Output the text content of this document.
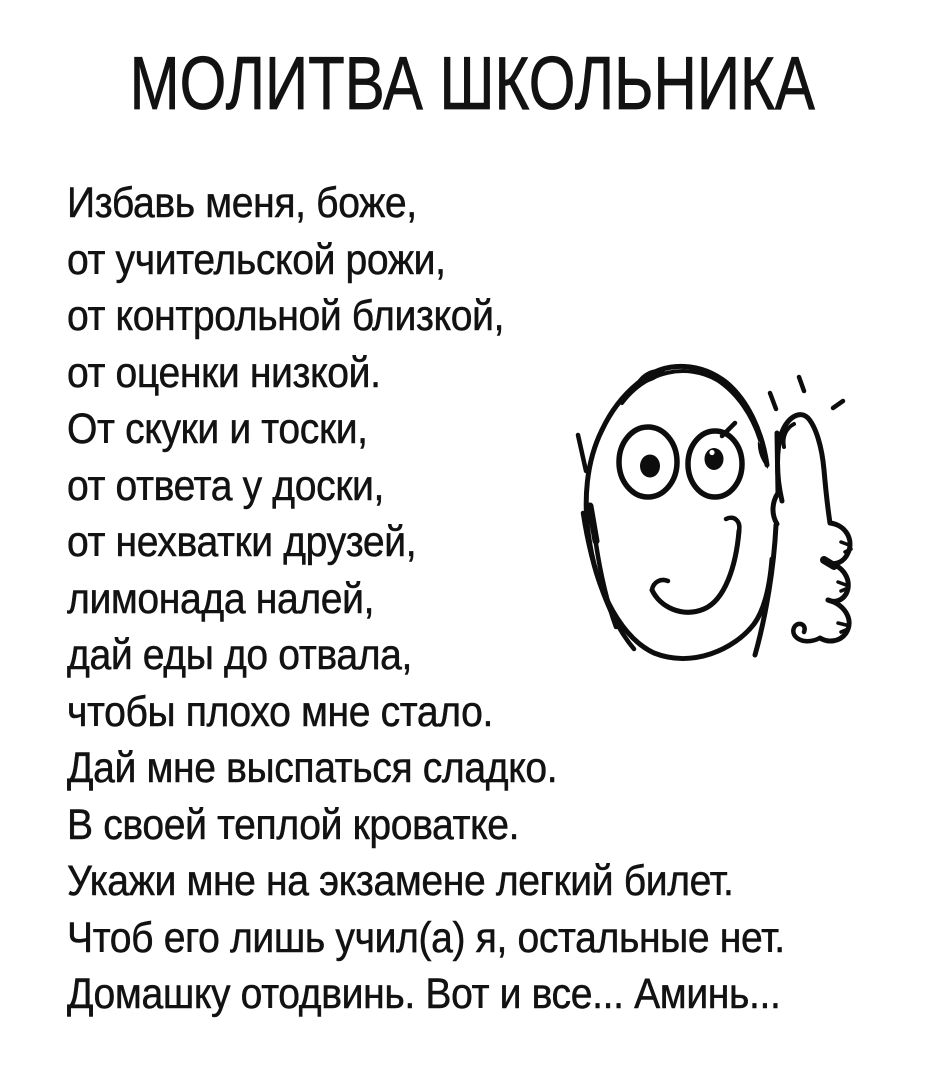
МОЛИТВА ШКОЛЬНИКА
Избавь меня, боже,
от учительской рожи,
от контрольной близкой,
от оценки низкой.
От скуки и тоски,
от ответа у доски,
от нехватки друзей,
лимонада налей,
дай еды до отвала,
чтобы плохо мне стало.
Дай мне выспаться сладко.
В своей теплой кроватке.
Укажи мне на экзамене легкий билет.
Чтоб его лишь учил(а) я, остальные нет.
Домашку отодвинь. Вот и все... Аминь...
